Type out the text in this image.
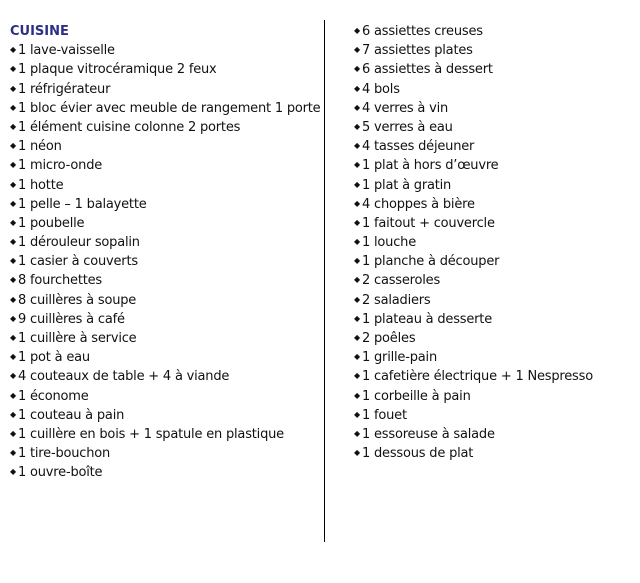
CUISINE
◆ 1 lave-vaisselle
◆ 1 plaque vitrocéramique 2 feux
◆ 1 réfrigérateur
◆ 1 bloc évier avec meuble de rangement 1 porte
◆ 1 élément cuisine colonne 2 portes
◆ 1 néon
◆ 1 micro-onde
◆ 1 hotte
◆ 1 pelle – 1 balayette
◆ 1 poubelle
◆ 1 dérouleur sopalin
◆ 1 casier à couverts
◆ 8 fourchettes
◆ 8 cuillères à soupe
◆ 9 cuillères à café
◆ 1 cuillère à service
◆ 1 pot à eau
◆ 4 couteaux de table + 4 à viande
◆ 1 économe
◆ 1 couteau à pain
◆ 1 cuillère en bois + 1 spatule en plastique
◆ 1 tire-bouchon
◆ 1 ouvre-boîte
◆ 6 assiettes creuses
◆ 7 assiettes plates
◆ 6 assiettes à dessert
◆ 4 bols
◆ 4 verres à vin
◆ 5 verres à eau
◆ 4 tasses déjeuner
◆ 1 plat à hors d’œuvre
◆ 1 plat à gratin
◆ 4 choppes à bière
◆ 1 faitout + couvercle
◆ 1 louche
◆ 1 planche à découper
◆ 2 casseroles
◆ 2 saladiers
◆ 1 plateau à desserte
◆ 2 poêles
◆ 1 grille-pain
◆ 1 cafetière électrique + 1 Nespresso
◆ 1 corbeille à pain
◆ 1 fouet
◆ 1 essoreuse à salade
◆ 1 dessous de plat
